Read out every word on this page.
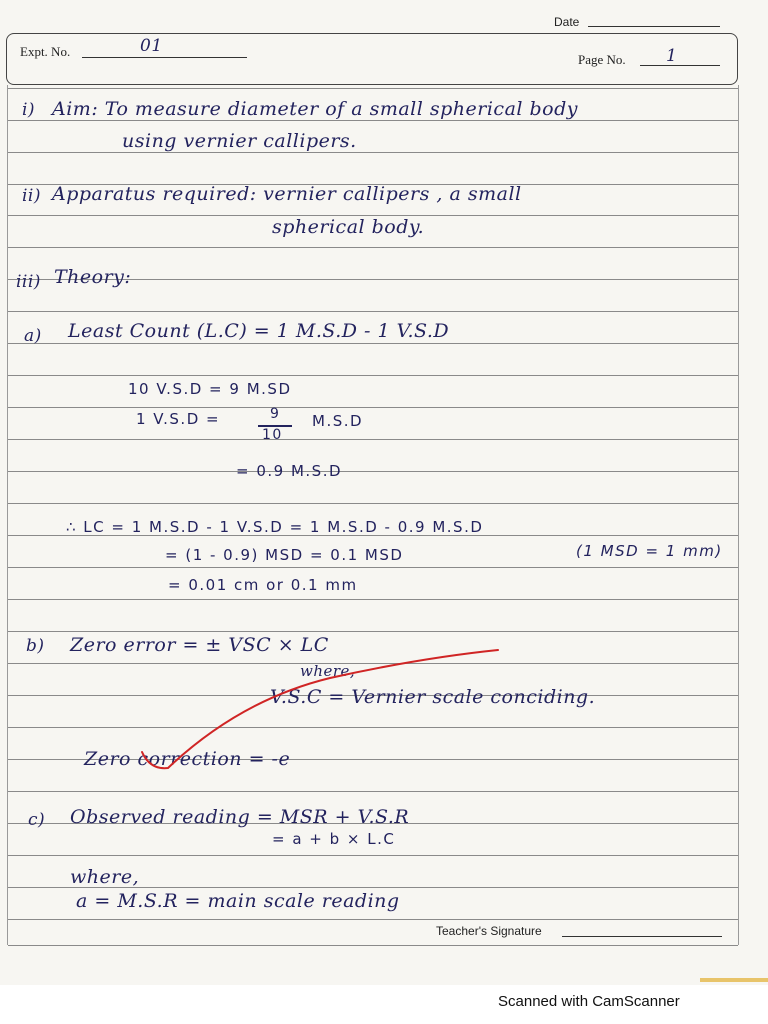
Date
Expt. No.	01
Page No. 1
i) Aim: To measure diameter of a small spherical body
using vernier callipers.
ii) Apparatus required: vernier callipers , a small
spherical body.
iii) Theory:
a) Least Count (L.C) = 1 M.S.D - 1 V.S.D
10 V.S.D = 9 M.SD
1 V.S.D =	9
10
M.S.D
= 0.9 M.S.D
∴ LC = 1 M.S.D - 1 V.S.D = 1 M.S.D - 0.9 M.S.D
= (1 - 0.9) MSD = 0.1 MSD	(1 MSD = 1 mm)
= 0.01 cm or 0.1 mm
b) Zero error = ± VSC × LC
where,
V.S.C = Vernier scale conciding.
Zero correction = -e
c) Observed reading = MSR + V.S.R
= a + b × L.C
where,
a = M.S.R = main scale reading
Teacher's Signature
Scanned with CamScanner
